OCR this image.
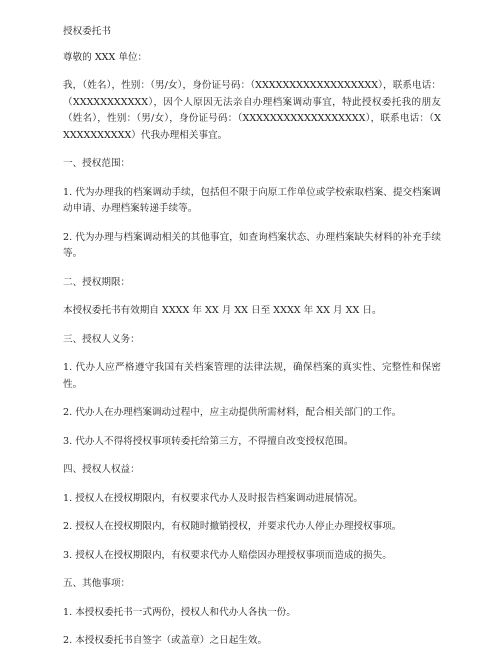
授权委托书

尊敬的 XXX 单位：

我，（姓名），性别：（男/女），身份证号码：（XXXXXXXXXXXXXXXXXX），联系电话：（XXXXXXXXXXX），因个人原因无法亲自办理档案调动事宜，特此授权委托我的朋友（姓名），性别：（男/女），身份证号码：（XXXXXXXXXXXXXXXXXX），联系电话：（XXXXXXXXXXX）代我办理相关事宜。

一、授权范围：

1. 代为办理我的档案调动手续，包括但不限于向原工作单位或学校索取档案、提交档案调动申请、办理档案转递手续等。

2. 代为办理与档案调动相关的其他事宜，如查询档案状态、办理档案缺失材料的补充手续等。

二、授权期限：

本授权委托书有效期自 XXXX 年 XX 月 XX 日至 XXXX 年 XX 月 XX 日。

三、授权人义务：

1. 代办人应严格遵守我国有关档案管理的法律法规，确保档案的真实性、完整性和保密性。

2. 代办人在办理档案调动过程中，应主动提供所需材料，配合相关部门的工作。

3. 代办人不得将授权事项转委托给第三方，不得擅自改变授权范围。

四、授权人权益：

1. 授权人在授权期限内，有权要求代办人及时报告档案调动进展情况。

2. 授权人在授权期限内，有权随时撤销授权，并要求代办人停止办理授权事项。

3. 授权人在授权期限内，有权要求代办人赔偿因办理授权事项而造成的损失。

五、其他事项：

1. 本授权委托书一式两份，授权人和代办人各执一份。

2. 本授权委托书自签字（或盖章）之日起生效。
